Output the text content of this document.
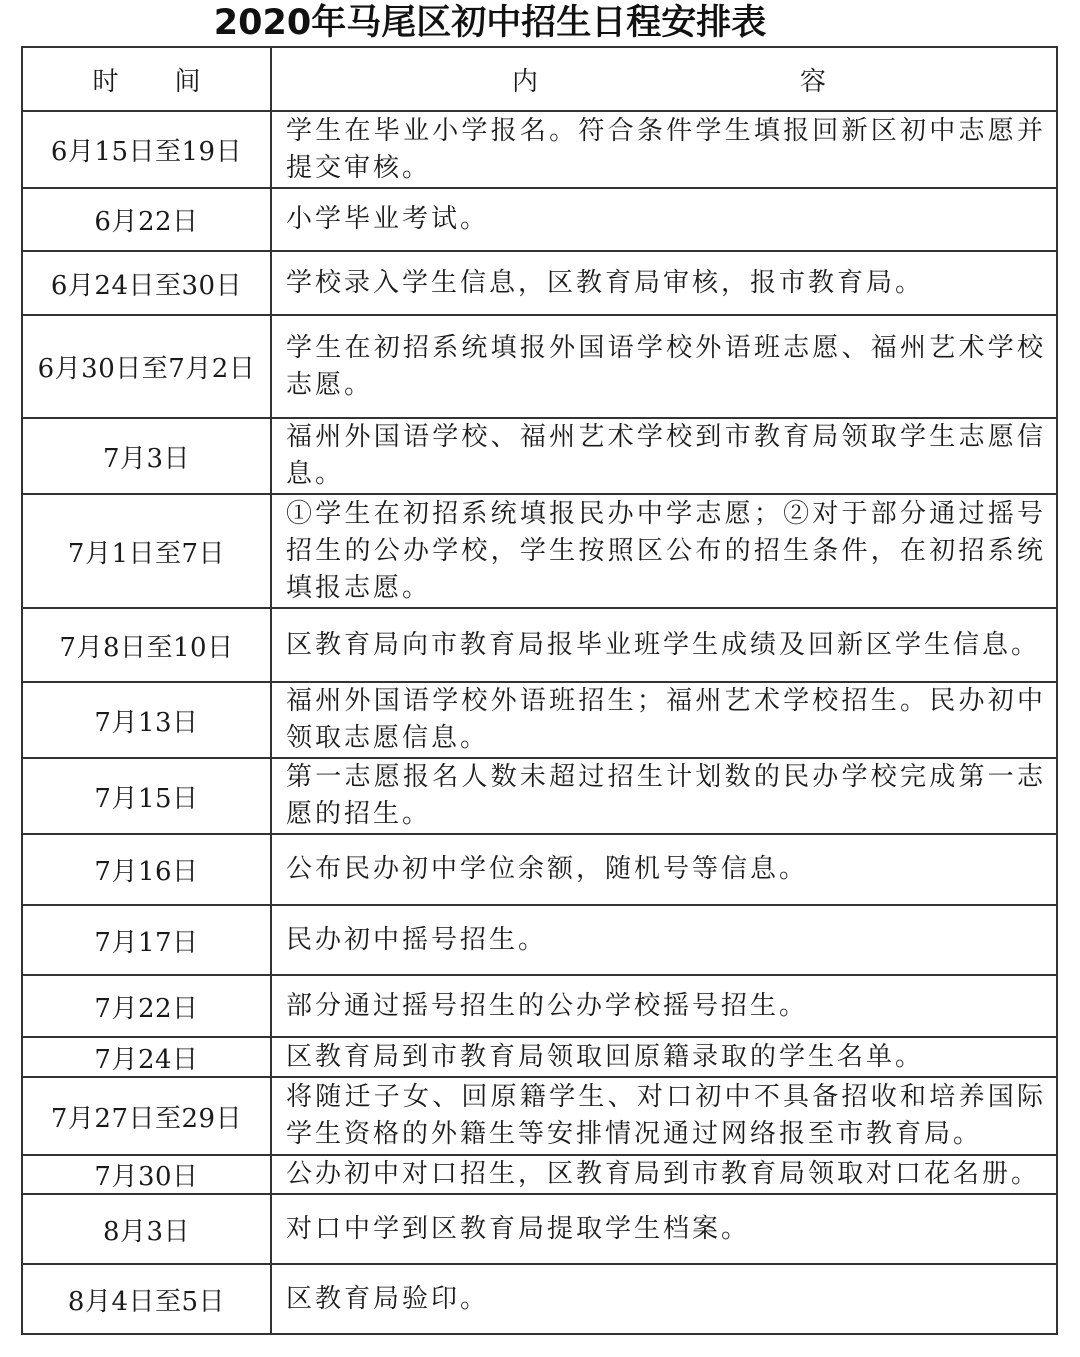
2020年马尾区初中招生日程安排表
时 间	内 容

6月15日至19日	学生在毕业小学报名。符合条件学生填报回新区初中志愿并提交审核。
6月22日	小学毕业考试。
6月24日至30日	学校录入学生信息，区教育局审核，报市教育局。
6月30日至7月2日	学生在初招系统填报外国语学校外语班志愿、福州艺术学校志愿。
7月3日	福州外国语学校、福州艺术学校到市教育局领取学生志愿信息。
7月1日至7日	①学生在初招系统填报民办中学志愿；②对于部分通过摇号招生的公办学校，学生按照区公布的招生条件，在初招系统填报志愿。
7月8日至10日	区教育局向市教育局报毕业班学生成绩及回新区学生信息。
7月13日	福州外国语学校外语班招生；福州艺术学校招生。民办初中领取志愿信息。
7月15日	第一志愿报名人数未超过招生计划数的民办学校完成第一志愿的招生。
7月16日	公布民办初中学位余额，随机号等信息。
7月17日	民办初中摇号招生。
7月22日	部分通过摇号招生的公办学校摇号招生。
7月24日	区教育局到市教育局领取回原籍录取的学生名单。
7月27日至29日	将随迁子女、回原籍学生、对口初中不具备招收和培养国际学生资格的外籍生等安排情况通过网络报至市教育局。
7月30日	公办初中对口招生，区教育局到市教育局领取对口花名册。
8月3日	对口中学到区教育局提取学生档案。
8月4日至5日	区教育局验印。
